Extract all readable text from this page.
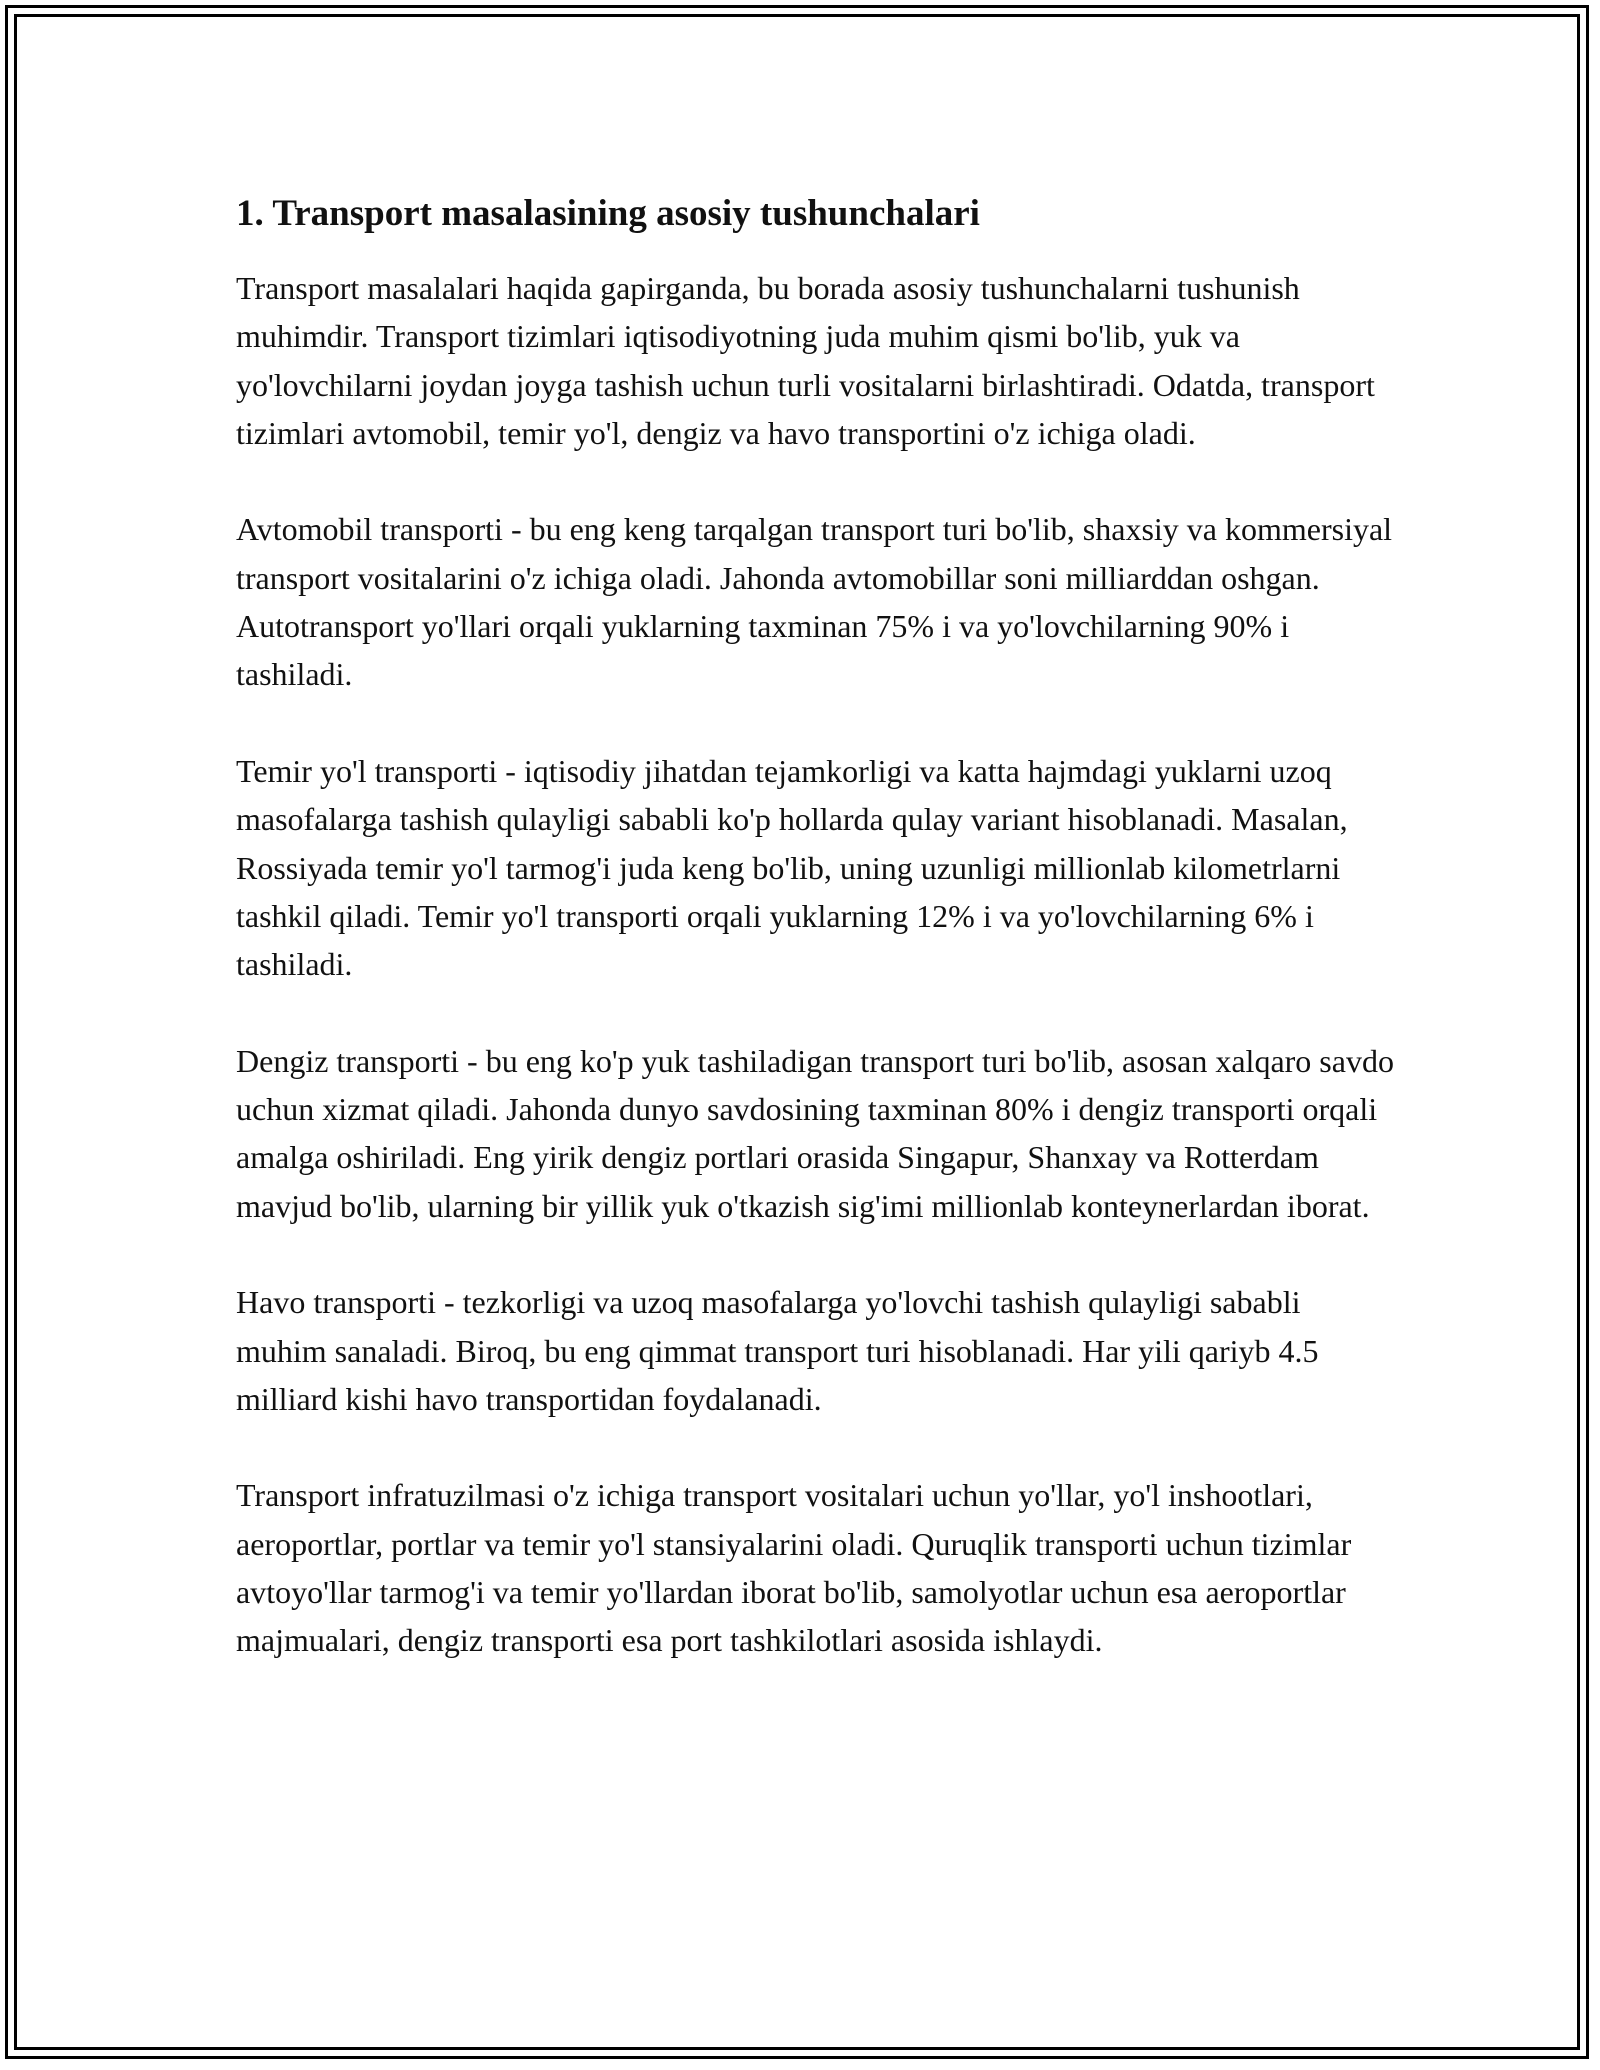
1. Transport masalasining asosiy tushunchalari

Transport masalalari haqida gapirganda, bu borada asosiy tushunchalarni tushunish muhimdir. Transport tizimlari iqtisodiyotning juda muhim qismi bo'lib, yuk va yo'lovchilarni joydan joyga tashish uchun turli vositalarni birlashtiradi. Odatda, transport tizimlari avtomobil, temir yo'l, dengiz va havo transportini o'z ichiga oladi.

Avtomobil transporti - bu eng keng tarqalgan transport turi bo'lib, shaxsiy va kommersiyal transport vositalarini o'z ichiga oladi. Jahonda avtomobillar soni milliarddan oshgan. Autotransport yo'llari orqali yuklarning taxminan 75% i va yo'lovchilarning 90% i tashiladi.

Temir yo'l transporti - iqtisodiy jihatdan tejamkorligi va katta hajmdagi yuklarni uzoq masofalarga tashish qulayligi sababli ko'p hollarda qulay variant hisoblanadi. Masalan, Rossiyada temir yo'l tarmog'i juda keng bo'lib, uning uzunligi millionlab kilometrlarni tashkil qiladi. Temir yo'l transporti orqali yuklarning 12% i va yo'lovchilarning 6% i tashiladi.

Dengiz transporti - bu eng ko'p yuk tashiladigan transport turi bo'lib, asosan xalqaro savdo uchun xizmat qiladi. Jahonda dunyo savdosining taxminan 80% i dengiz transporti orqali amalga oshiriladi. Eng yirik dengiz portlari orasida Singapur, Shanxay va Rotterdam mavjud bo'lib, ularning bir yillik yuk o'tkazish sig'imi millionlab konteynerlardan iborat.

Havo transporti - tezkorligi va uzoq masofalarga yo'lovchi tashish qulayligi sababli muhim sanaladi. Biroq, bu eng qimmat transport turi hisoblanadi. Har yili qariyb 4.5 milliard kishi havo transportidan foydalanadi.

Transport infratuzilmasi o'z ichiga transport vositalari uchun yo'llar, yo'l inshootlari, aeroportlar, portlar va temir yo'l stansiyalarini oladi. Quruqlik transporti uchun tizimlar avtoyo'llar tarmog'i va temir yo'llardan iborat bo'lib, samolyotlar uchun esa aeroportlar majmualari, dengiz transporti esa port tashkilotlari asosida ishlaydi.
